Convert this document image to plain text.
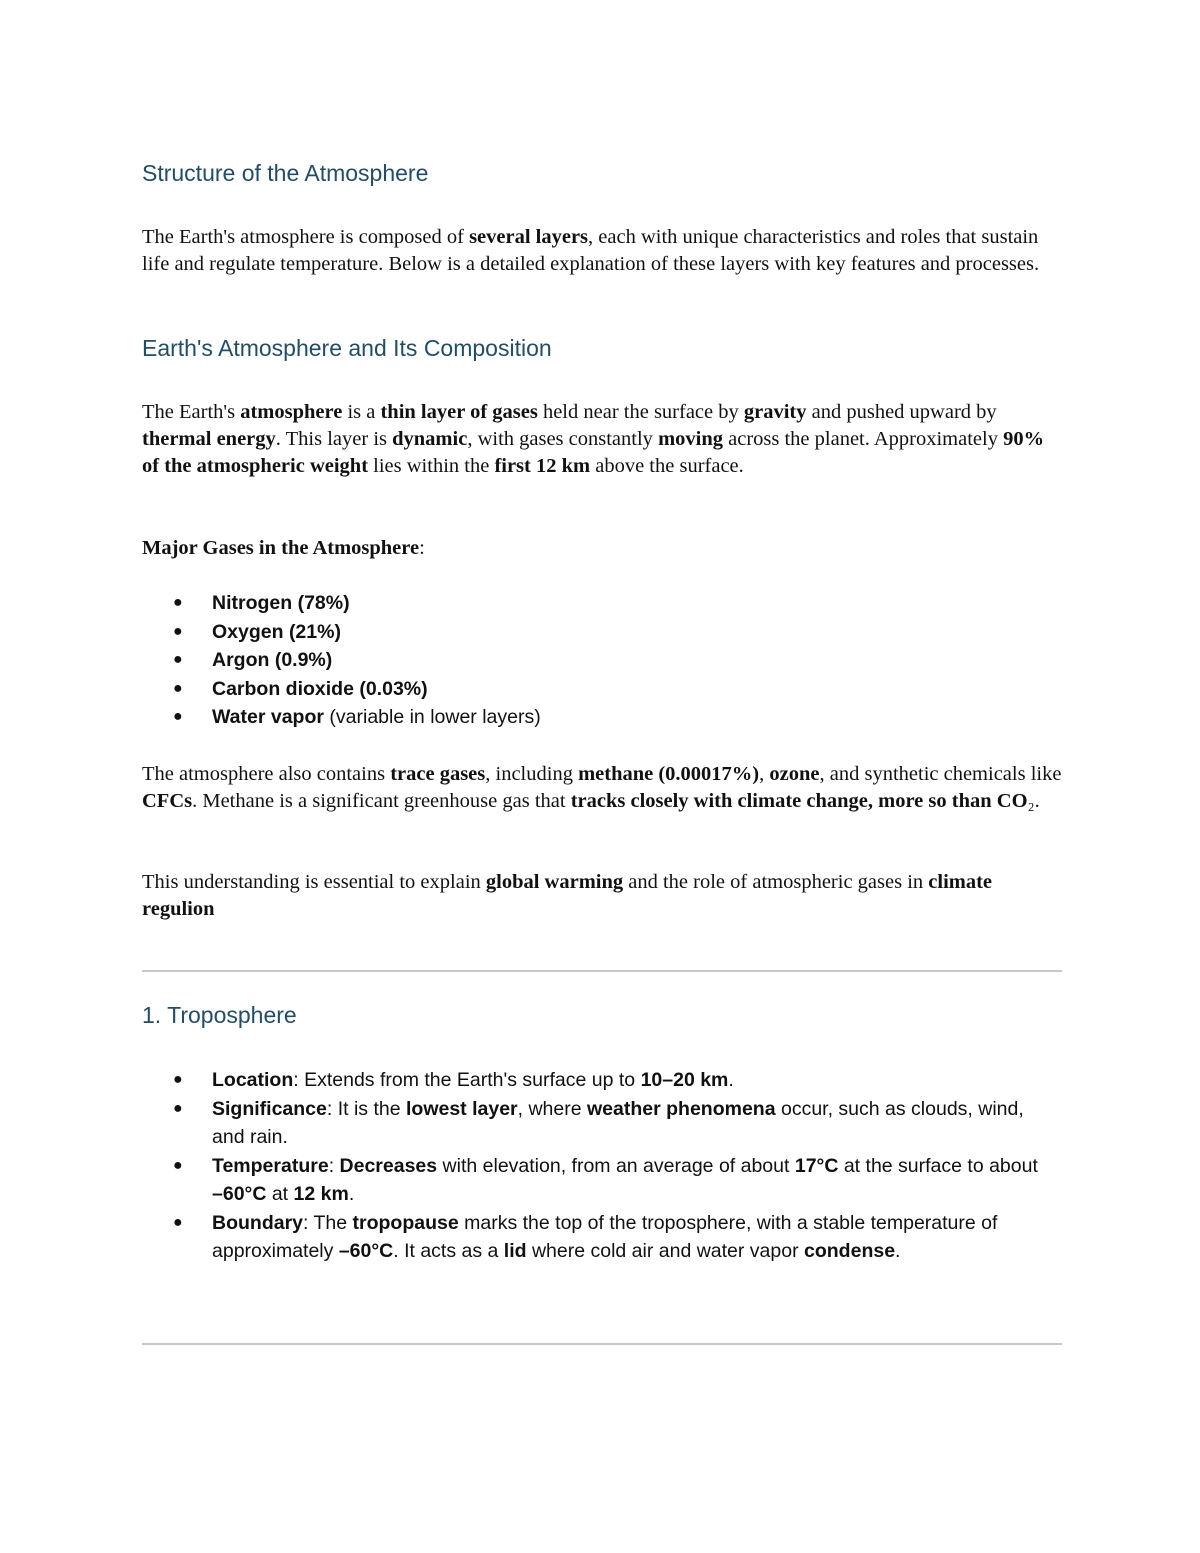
Structure of the Atmosphere

The Earth's atmosphere is composed of several layers, each with unique characteristics and roles that sustain life and regulate temperature. Below is a detailed explanation of these layers with key features and processes.

Earth's Atmosphere and Its Composition

The Earth's atmosphere is a thin layer of gases held near the surface by gravity and pushed upward by thermal energy. This layer is dynamic, with gases constantly moving across the planet. Approximately 90% of the atmospheric weight lies within the first 12 km above the surface.

Major Gases in the Atmosphere:

● Nitrogen (78%)
● Oxygen (21%)
● Argon (0.9%)
● Carbon dioxide (0.03%)
● Water vapor (variable in lower layers)

The atmosphere also contains trace gases, including methane (0.00017%), ozone, and synthetic chemicals like CFCs. Methane is a significant greenhouse gas that tracks closely with climate change, more so than CO₂.

This understanding is essential to explain global warming and the role of atmospheric gases in climate regulion

1. Troposphere
● Location: Extends from the Earth's surface up to 10–20 km.
● Significance: It is the lowest layer, where weather phenomena occur, such as clouds, wind, and rain.
● Temperature: Decreases with elevation, from an average of about 17°C at the surface to about –60°C at 12 km.
● Boundary: The tropopause marks the top of the troposphere, with a stable temperature of approximately –60°C. It acts as a lid where cold air and water vapor condense.
